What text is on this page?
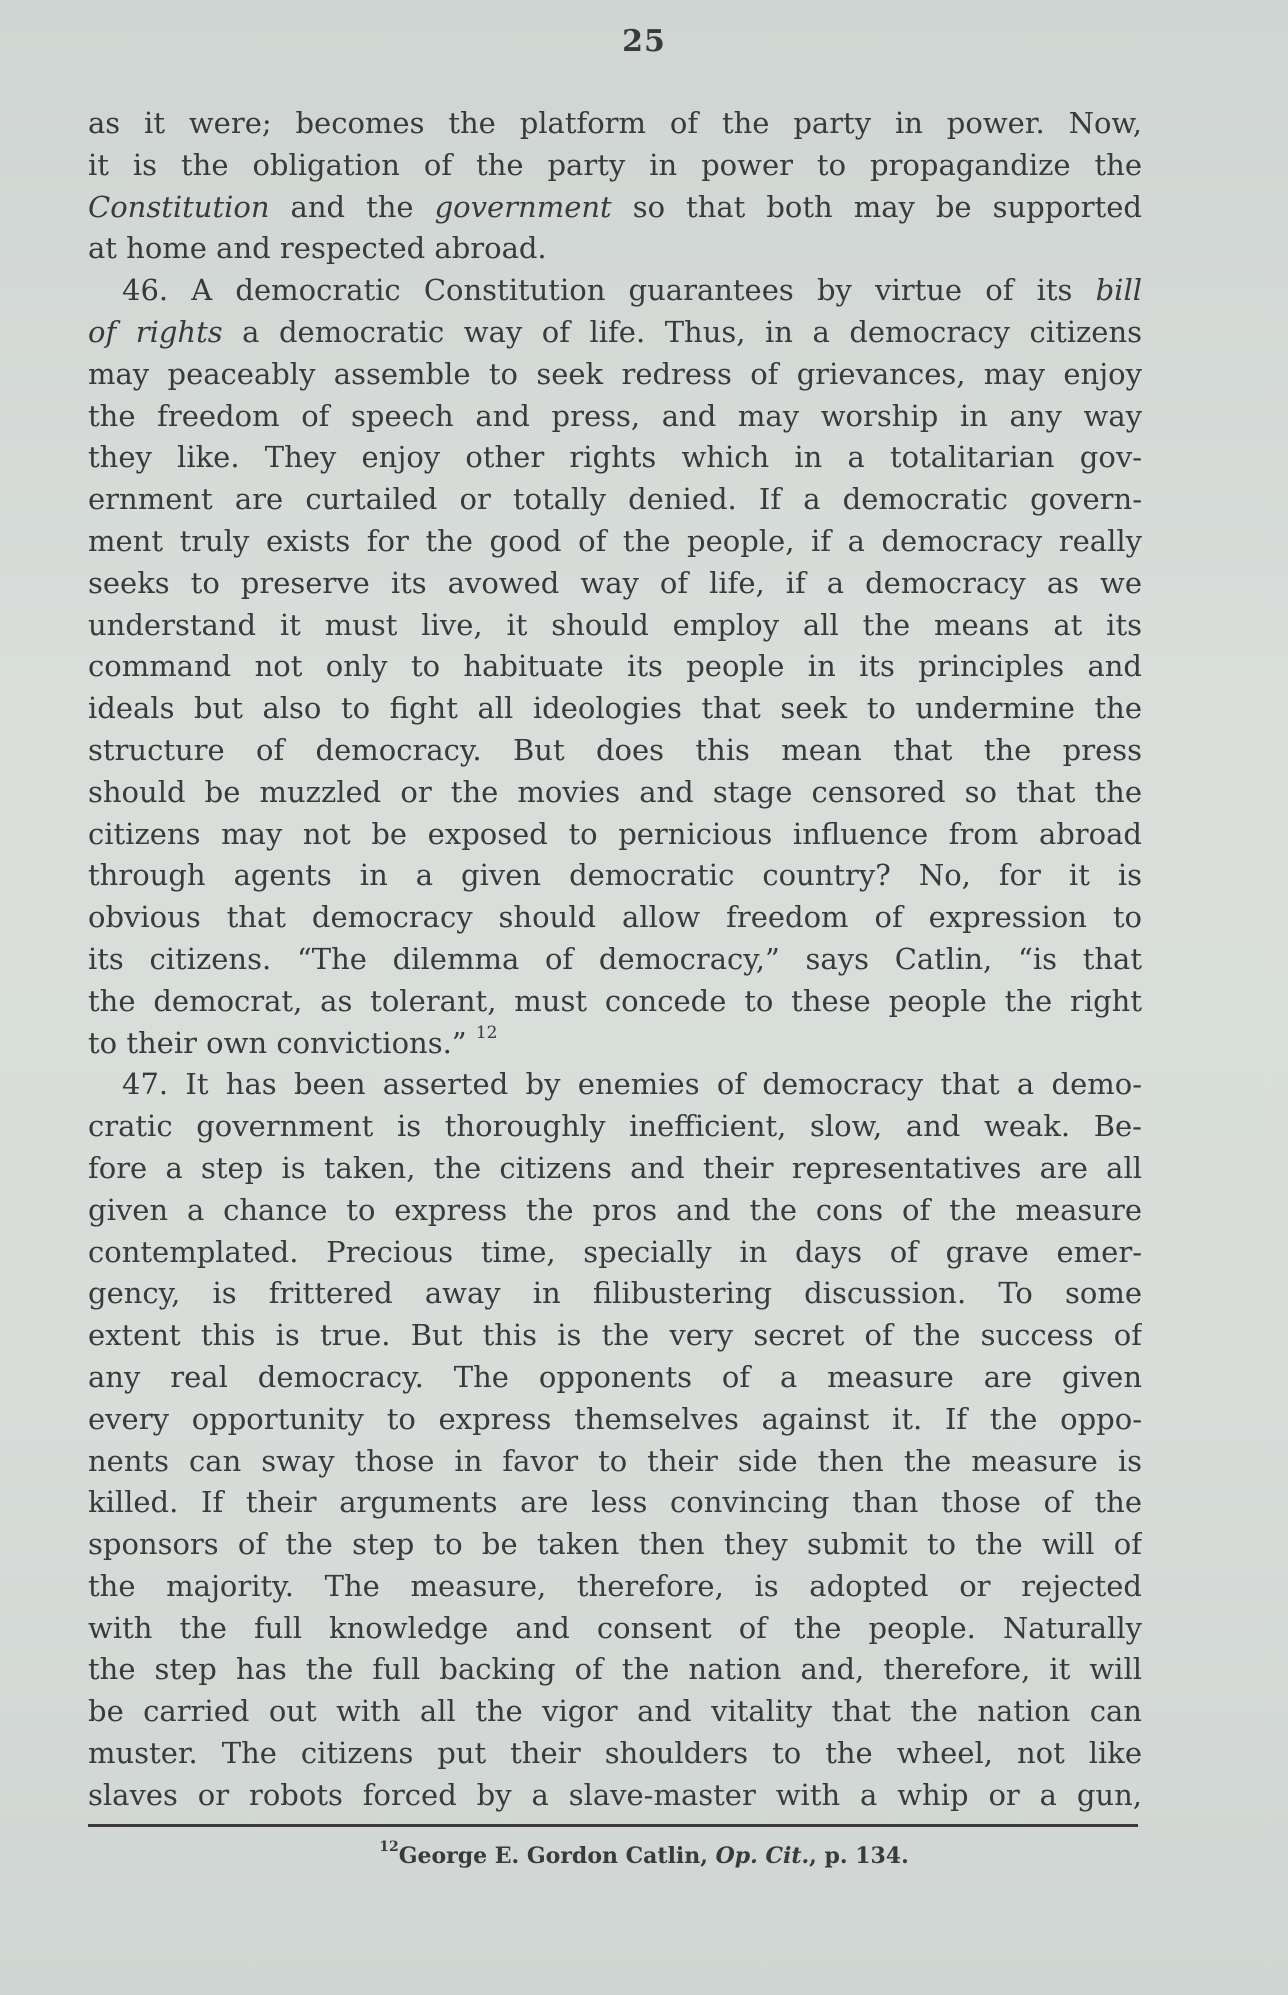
25
as it were; becomes the platform of the party in power. Now,
it is the obligation of the party in power to propagandize the
Constitution and the government so that both may be supported
at home and respected abroad.
46. A democratic Constitution guarantees by virtue of its bill
of rights a democratic way of life. Thus, in a democracy citizens
may peaceably assemble to seek redress of grievances, may enjoy
the freedom of speech and press, and may worship in any way
they like. They enjoy other rights which in a totalitarian gov-
ernment are curtailed or totally denied. If a democratic govern-
ment truly exists for the good of the people, if a democracy really
seeks to preserve its avowed way of life, if a democracy as we
understand it must live, it should employ all the means at its
command not only to habituate its people in its principles and
ideals but also to fight all ideologies that seek to undermine the
structure of democracy. But does this mean that the press
should be muzzled or the movies and stage censored so that the
citizens may not be exposed to pernicious influence from abroad
through agents in a given democratic country? No, for it is
obvious that democracy should allow freedom of expression to
its citizens. “The dilemma of democracy,” says Catlin, “is that
the democrat, as tolerant, must concede to these people the right
to their own convictions.” $^{12}$
47. It has been asserted by enemies of democracy that a demo-
cratic government is thoroughly inefficient, slow, and weak. Be-
fore a step is taken, the citizens and their representatives are all
given a chance to express the pros and the cons of the measure
contemplated. Precious time, specially in days of grave emer-
gency, is frittered away in filibustering discussion. To some
extent this is true. But this is the very secret of the success of
any real democracy. The opponents of a measure are given
every opportunity to express themselves against it. If the oppo-
nents can sway those in favor to their side then the measure is
killed. If their arguments are less convincing than those of the
sponsors of the step to be taken then they submit to the will of
the majority. The measure, therefore, is adopted or rejected
with the full knowledge and consent of the people. Naturally
the step has the full backing of the nation and, therefore, it will
be carried out with all the vigor and vitality that the nation can
muster. The citizens put their shoulders to the wheel, not like
slaves or robots forced by a slave-master with a whip or a gun,
$^{12}$George E. Gordon Catlin, Op. Cit., p. 134.
